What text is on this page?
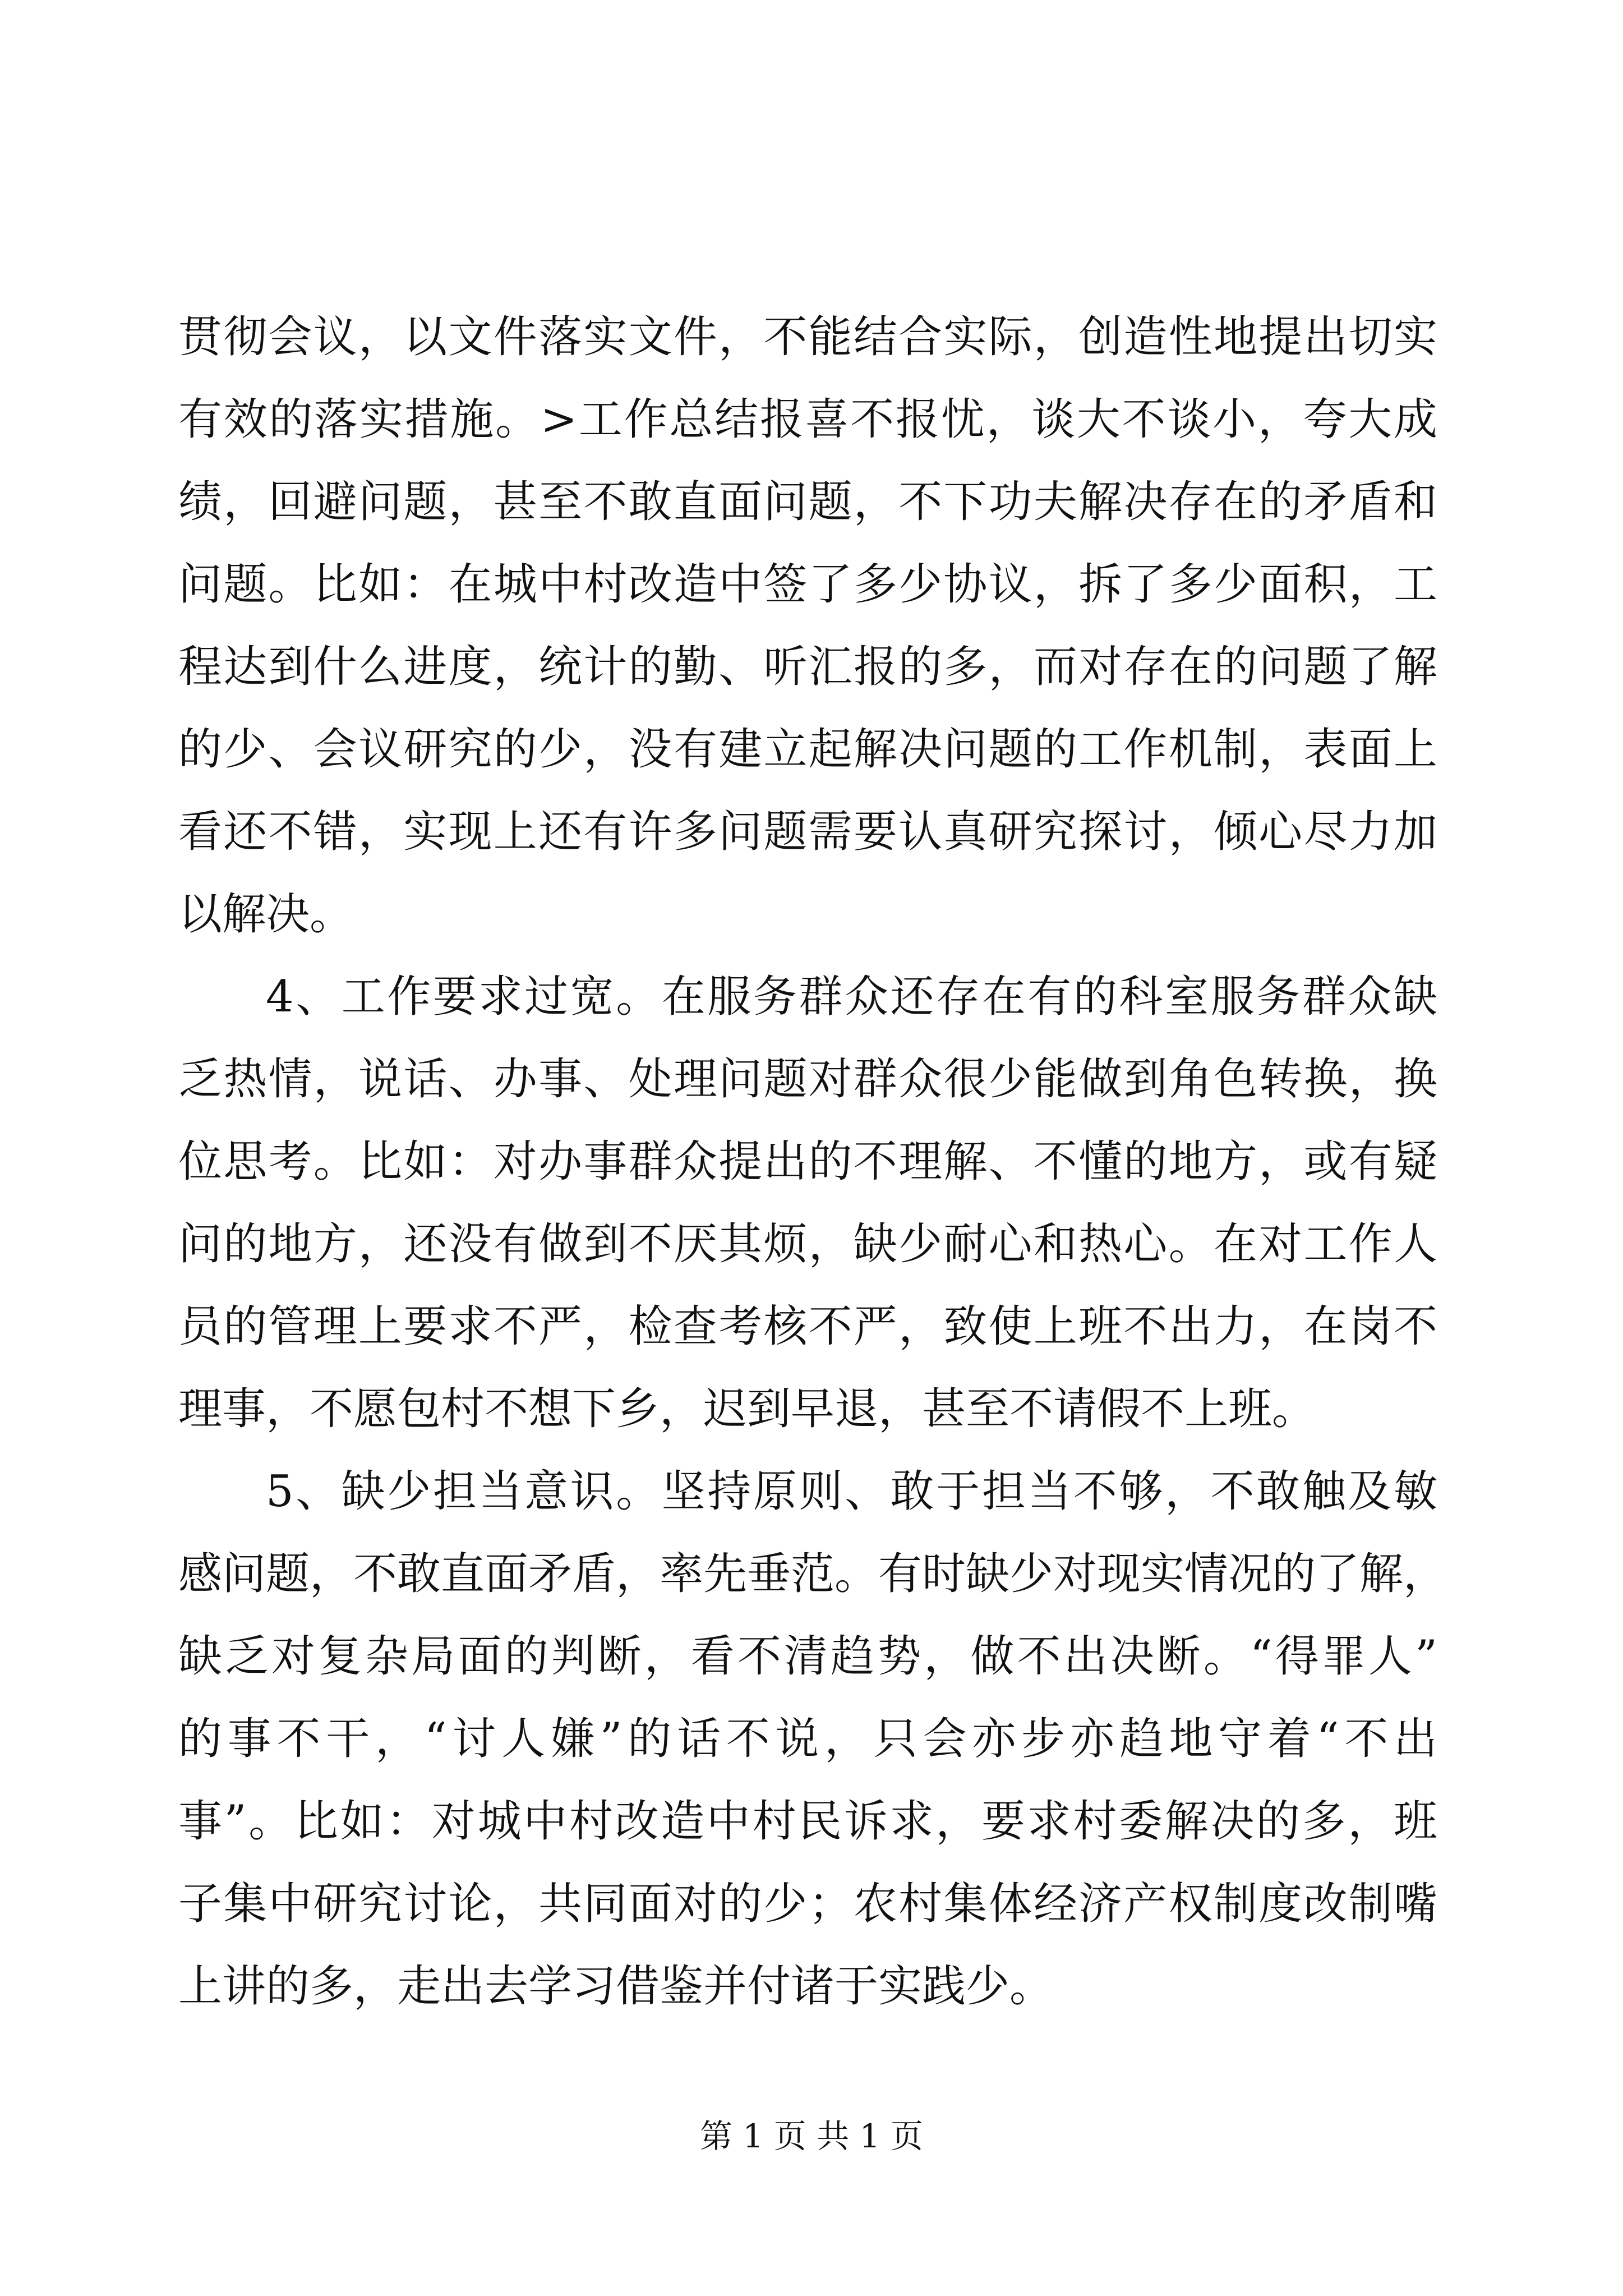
贯彻会议，以文件落实文件，不能结合实际，创造性地提出切实
有效的落实措施。>工作总结报喜不报忧，谈大不谈小，夸大成
绩，回避问题，甚至不敢直面问题，不下功夫解决存在的矛盾和
问题。比如：在城中村改造中签了多少协议，拆了多少面积，工
程达到什么进度，统计的勤、听汇报的多，而对存在的问题了解
的少、会议研究的少，没有建立起解决问题的工作机制，表面上
看还不错，实现上还有许多问题需要认真研究探讨，倾心尽力加
以解决。
4、工作要求过宽。在服务群众还存在有的科室服务群众缺
乏热情，说话、办事、处理问题对群众很少能做到角色转换，换
位思考。比如：对办事群众提出的不理解、不懂的地方，或有疑
问的地方，还没有做到不厌其烦，缺少耐心和热心。在对工作人
员的管理上要求不严，检查考核不严，致使上班不出力，在岗不
理事，不愿包村不想下乡，迟到早退，甚至不请假不上班。
5、缺少担当意识。坚持原则、敢于担当不够，不敢触及敏
感问题，不敢直面矛盾，率先垂范。有时缺少对现实情况的了解，
缺乏对复杂局面的判断，看不清趋势，做不出决断。“得罪人”
的事不干，“讨人嫌”的话不说，只会亦步亦趋地守着“不出
事”。比如：对城中村改造中村民诉求，要求村委解决的多，班
子集中研究讨论，共同面对的少；农村集体经济产权制度改制嘴
上讲的多，走出去学习借鉴并付诸于实践少。
第 1 页 共 1 页
